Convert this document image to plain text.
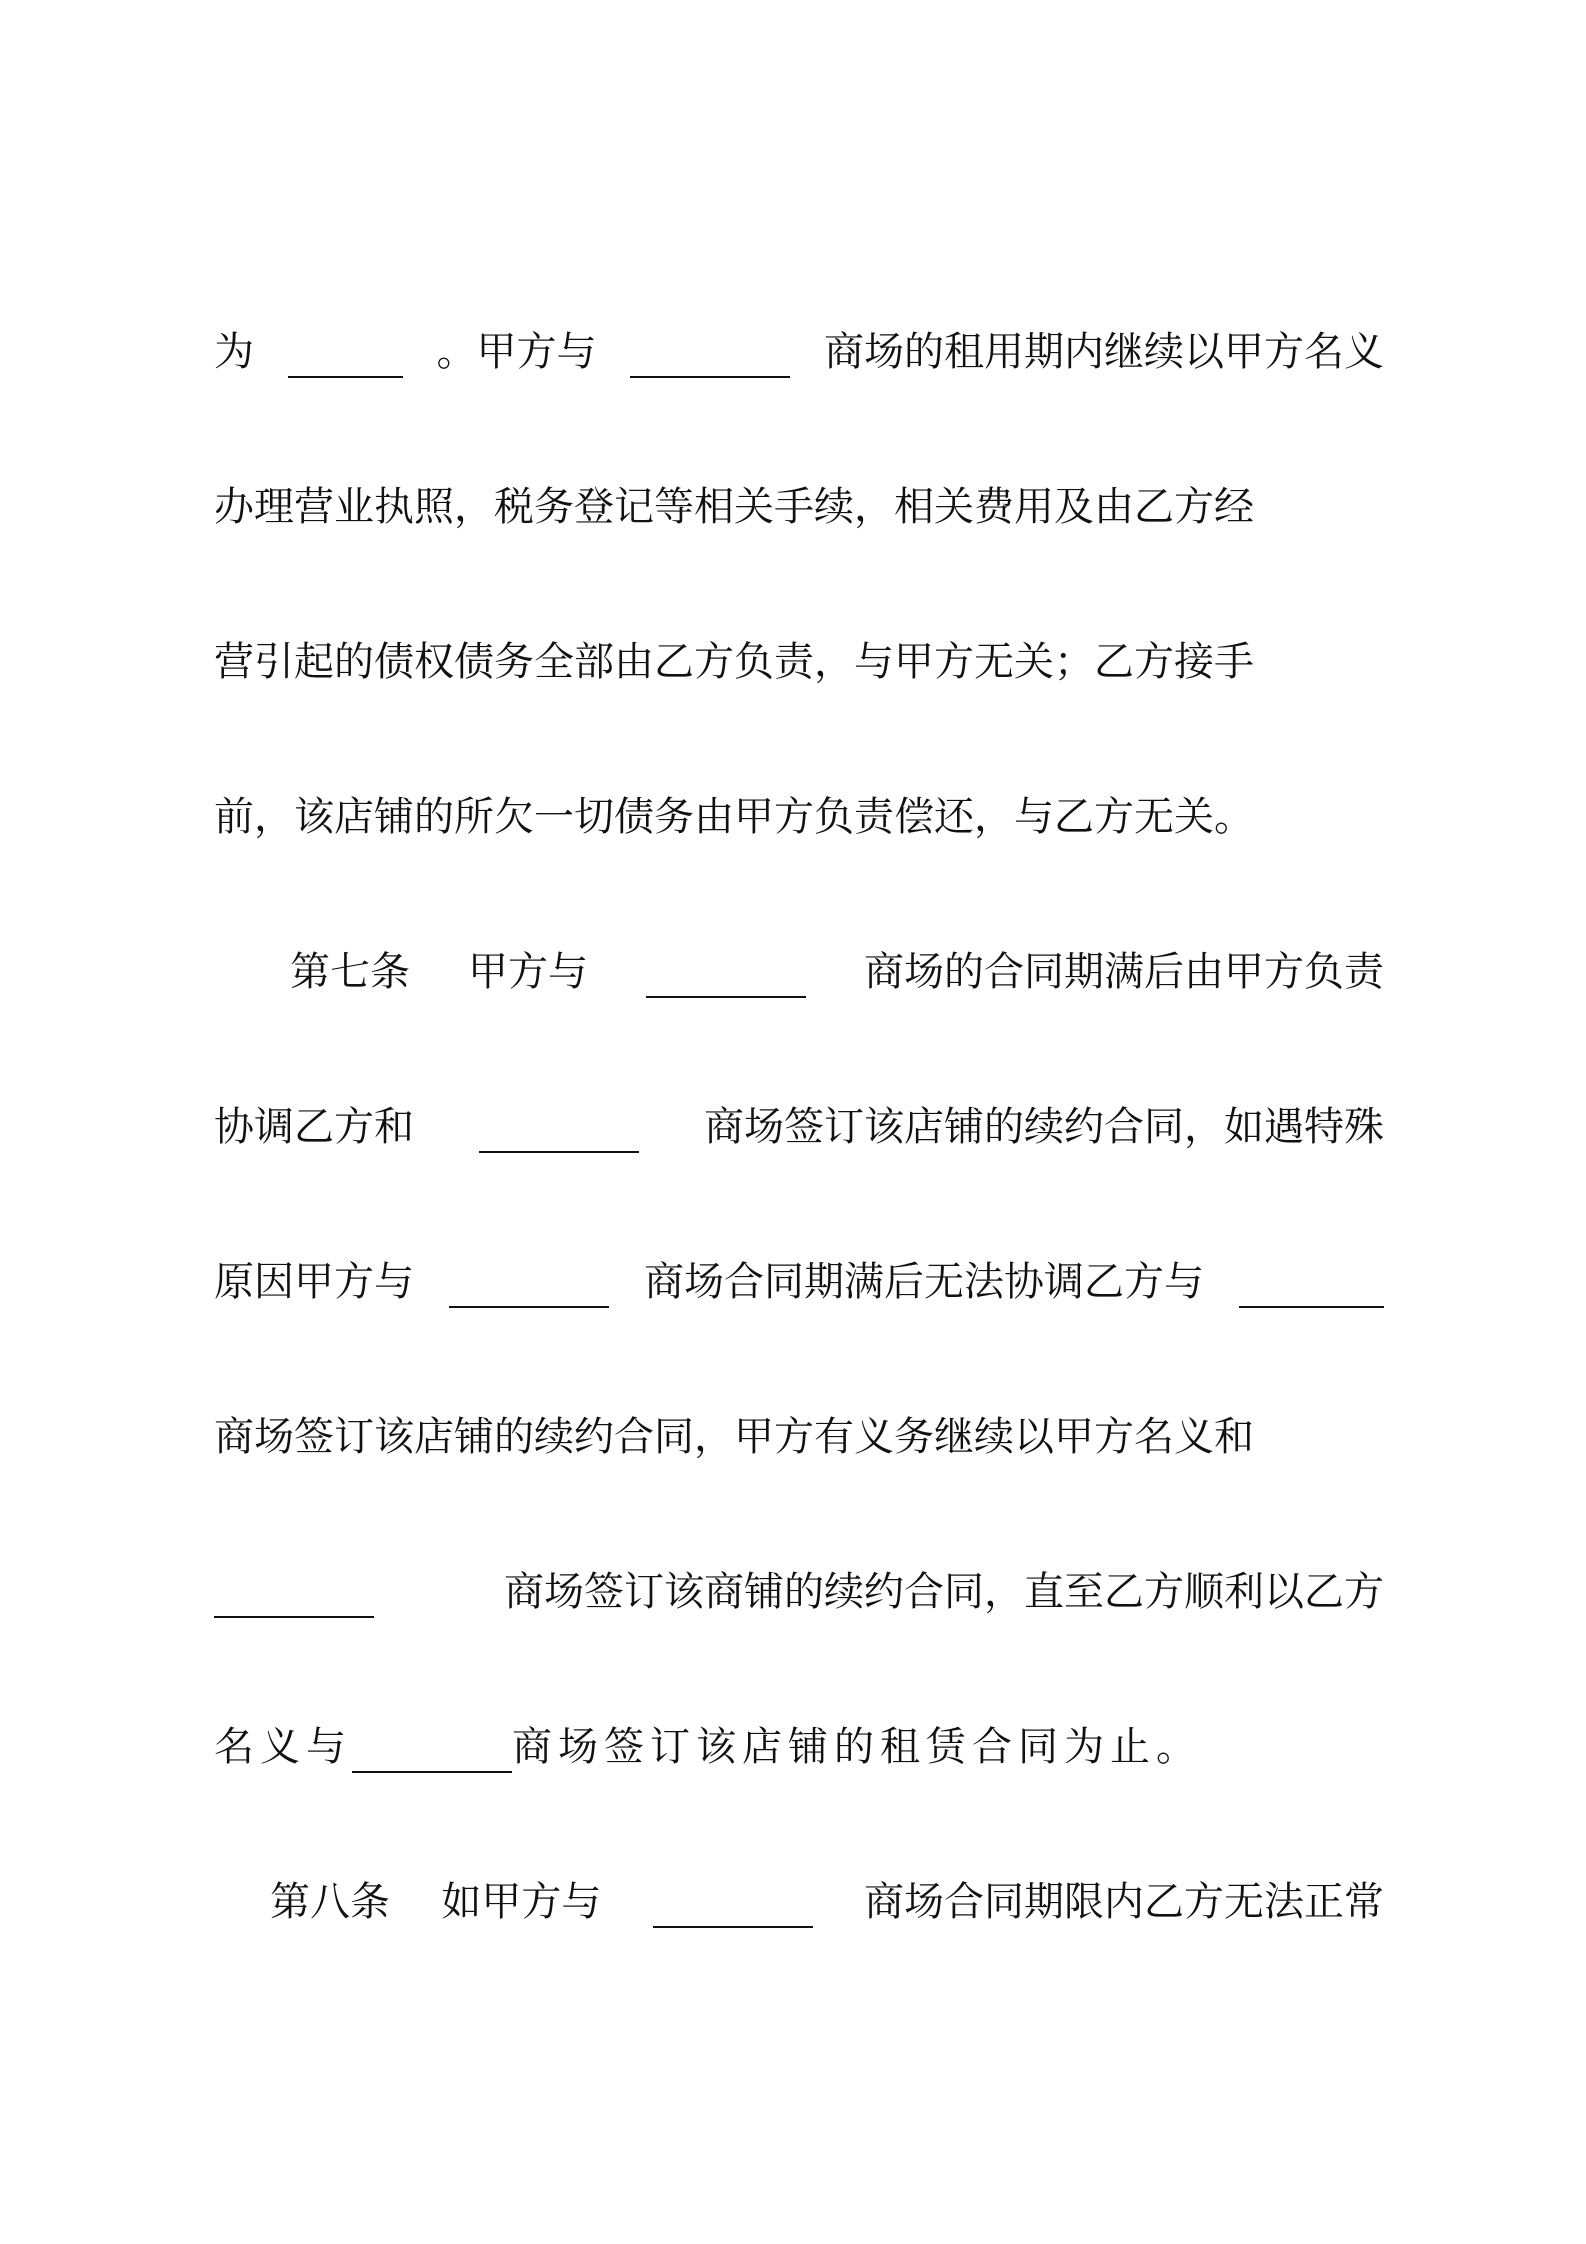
为	。甲方与	商场的租用期内继续以甲方名义
办理营业执照，税务登记等相关手续，相关费用及由乙方经
营引起的债权债务全部由乙方负责，与甲方无关；乙方接手
前，该店铺的所欠一切债务由甲方负责偿还，与乙方无关。
第七条 甲方与	商场的合同期满后由甲方负责
协调乙方和	商场签订该店铺的续约合同，如遇特殊
原因甲方与	商场合同期满后无法协调乙方与
商场签订该店铺的续约合同，甲方有义务继续以甲方名义和
商场签订该商铺的续约合同，直至乙方顺利以乙方
名义与	商场签订该店铺的租赁合同为止。
第八条 如甲方与	商场合同期限内乙方无法正常
